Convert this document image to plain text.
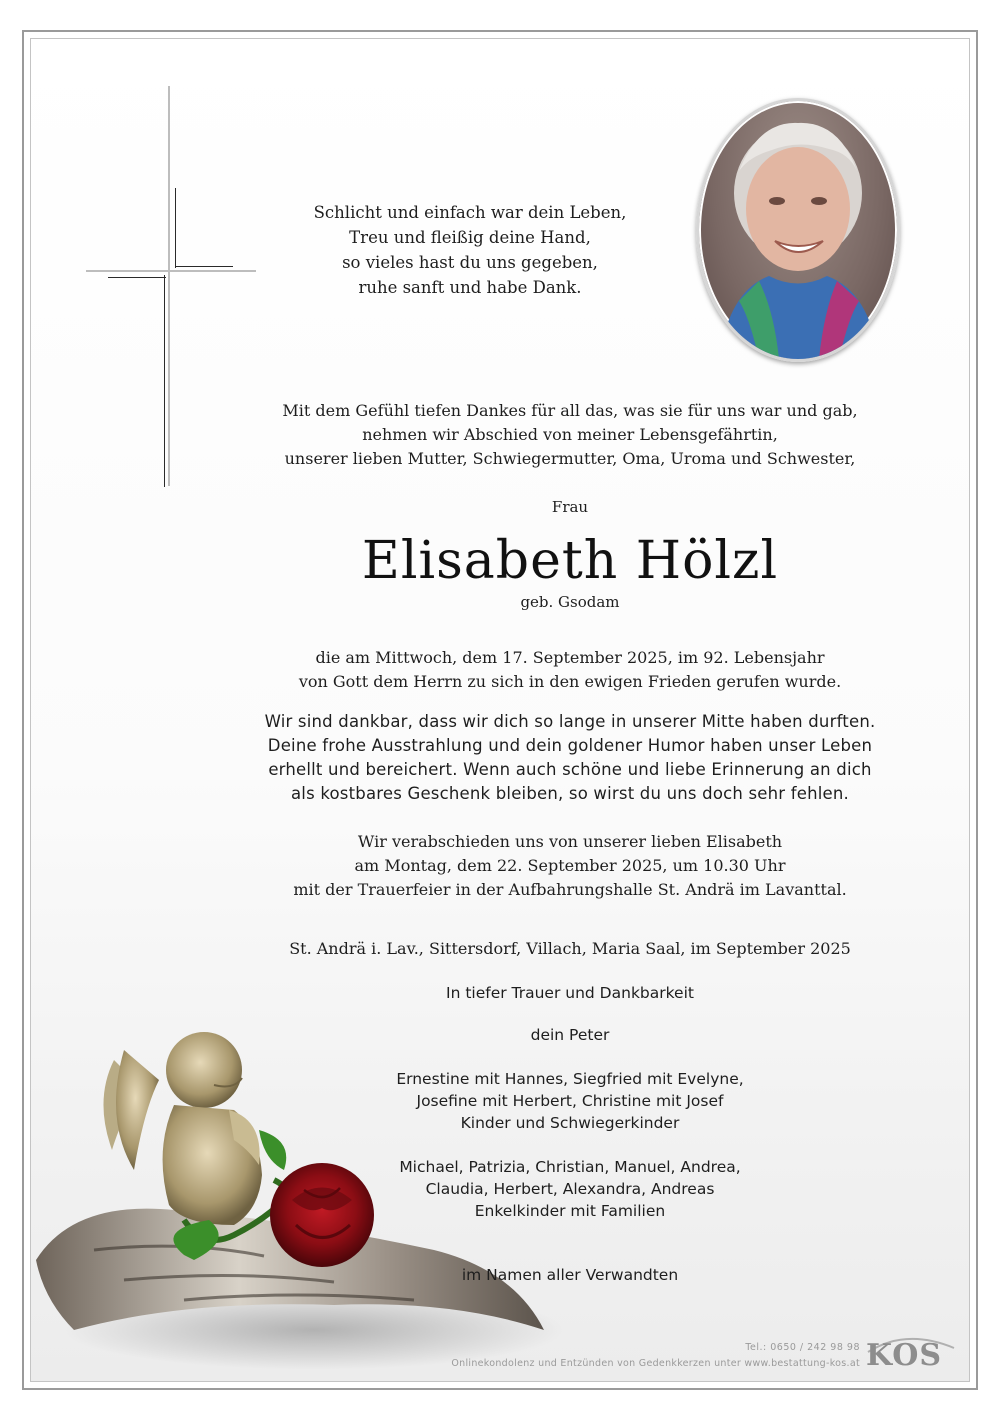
Schlicht und einfach war dein Leben,
Treu und fleißig deine Hand,
so vieles hast du uns gegeben,
ruhe sanft und habe Dank.
Mit dem Gefühl tiefen Dankes für all das, was sie für uns war und gab,
nehmen wir Abschied von meiner Lebensgefährtin,
unserer lieben Mutter, Schwiegermutter, Oma, Uroma und Schwester,
Frau
Elisabeth Hölzl
geb. Gsodam
die am Mittwoch, dem 17. September 2025, im 92. Lebensjahr
von Gott dem Herrn zu sich in den ewigen Frieden gerufen wurde.
Wir sind dankbar, dass wir dich so lange in unserer Mitte haben durften.
Deine frohe Ausstrahlung und dein goldener Humor haben unser Leben
erhellt und bereichert. Wenn auch schöne und liebe Erinnerung an dich
als kostbares Geschenk bleiben, so wirst du uns doch sehr fehlen.
Wir verabschieden uns von unserer lieben Elisabeth
am Montag, dem 22. September 2025, um 10.30 Uhr
mit der Trauerfeier in der Aufbahrungshalle St. Andrä im Lavanttal.
St. Andrä i. Lav., Sittersdorf, Villach, Maria Saal, im September 2025
In tiefer Trauer und Dankbarkeit
dein Peter
Ernestine mit Hannes, Siegfried mit Evelyne,
Josefine mit Herbert, Christine mit Josef
Kinder und Schwiegerkinder
Michael, Patrizia, Christian, Manuel, Andrea,
Claudia, Herbert, Alexandra, Andreas
Enkelkinder mit Familien
im Namen aller Verwandten
Tel.: 0650 / 242 98 98
Onlinekondolenz und Entzünden von Gedenkkerzen unter www.bestattung-kos.at KOS
